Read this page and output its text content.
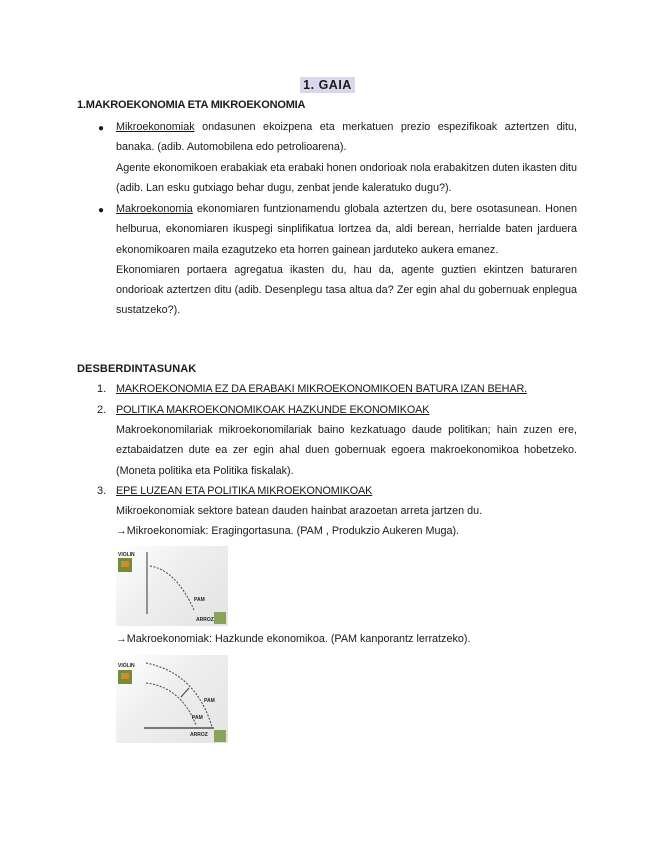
1. GAIA
1.MAKROEKONOMIA ETA MIKROEKONOMIA
● Mikroekonomiak ondasunen ekoizpena eta merkatuen prezio espezifikoak aztertzen ditu, banaka. (adib. Automobilena edo petrolioarena).
Agente ekonomikoen erabakiak eta erabaki honen ondorioak nola erabakitzen duten ikasten ditu (adib. Lan esku gutxiago behar dugu, zenbat jende kaleratuko dugu?).
● Makroekonomia ekonomiaren funtzionamendu globala aztertzen du, bere osotasunean. Honen helburua, ekonomiaren ikuspegi sinplifikatua lortzea da, aldi berean, herrialde baten jarduera ekonomikoaren maila ezagutzeko eta horren gainean jarduteko aukera emanez.
Ekonomiaren portaera agregatua ikasten du, hau da, agente guztien ekintzen baturaren ondorioak aztertzen ditu (adib. Desenplegu tasa altua da? Zer egin ahal du gobernuak enplegua sustatzeko?).
DESBERDINTASUNAK
1. MAKROEKONOMIA EZ DA ERABAKI MIKROEKONOMIKOEN BATURA IZAN BEHAR.
2. POLITIKA MAKROEKONOMIKOAK HAZKUNDE EKONOMIKOAK
Makroekonomilariak mikroekonomilariak baino kezkatuago daude politikan; hain zuzen ere, eztabaidatzen dute ea zer egin ahal duen gobernuak egoera makroekonomikoa hobetzeko. (Moneta politika eta Politika fiskalak).
3. EPE LUZEAN ETA POLITIKA MIKROEKONOMIKOAK
Mikroekonomiak sektore batean dauden hainbat arazoetan arreta jartzen du.
→Mikroekonomiak: Eragingortasuna. (PAM , Produkzio Aukeren Muga).
VIOLIN
PAM
ARROZ
→Makroekonomiak: Hazkunde ekonomikoa. (PAM kanporantz lerratzeko).
VIOLIN
PAM
PAM
ARROZ
